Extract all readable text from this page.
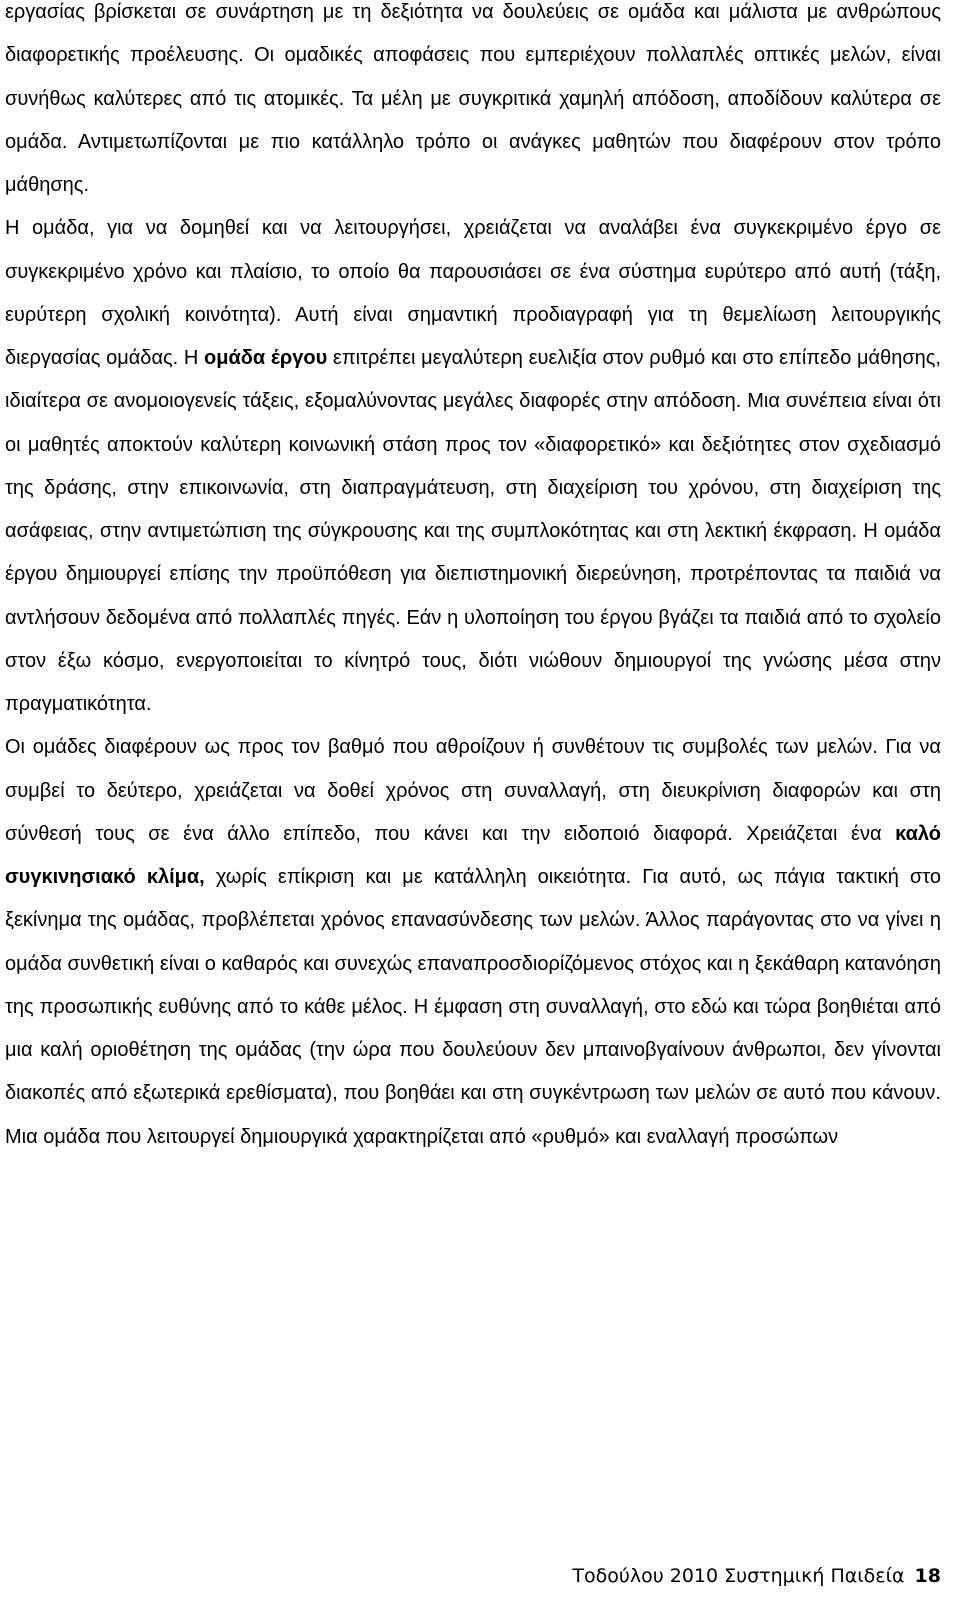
εργασίας βρίσκεται σε συνάρτηση με τη δεξιότητα να δουλεύεις σε ομάδα και μάλιστα με ανθρώπους διαφορετικής προέλευσης. Οι ομαδικές αποφάσεις που εμπεριέχουν πολλαπλές οπτικές μελών, είναι συνήθως καλύτερες από τις ατομικές. Τα μέλη με συγκριτικά χαμηλή απόδοση, αποδίδουν καλύτερα σε ομάδα. Αντιμετωπίζονται με πιο κατάλληλο τρόπο οι ανάγκες μαθητών που διαφέρουν στον τρόπο μάθησης.

Η ομάδα, για να δομηθεί και να λειτουργήσει, χρειάζεται να αναλάβει ένα συγκεκριμένο έργο σε συγκεκριμένο χρόνο και πλαίσιο, το οποίο θα παρουσιάσει σε ένα σύστημα ευρύτερο από αυτή (τάξη, ευρύτερη σχολική κοινότητα). Αυτή είναι σημαντική προδιαγραφή για τη θεμελίωση λειτουργικής διεργασίας ομάδας. Η ομάδα έργου επιτρέπει μεγαλύτερη ευελιξία στον ρυθμό και στο επίπεδο μάθησης, ιδιαίτερα σε ανομοιογενείς τάξεις, εξομαλύνοντας μεγάλες διαφορές στην απόδοση. Μια συνέπεια είναι ότι οι μαθητές αποκτούν καλύτερη κοινωνική στάση προς τον «διαφορετικό» και δεξιότητες στον σχεδιασμό της δράσης, στην επικοινωνία, στη διαπραγμάτευση, στη διαχείριση του χρόνου, στη διαχείριση της ασάφειας, στην αντιμετώπιση της σύγκρουσης και της συμπλοκότητας και στη λεκτική έκφραση. Η ομάδα έργου δημιουργεί επίσης την προϋπόθεση για διεπιστημονική διερεύνηση, προτρέποντας τα παιδιά να αντλήσουν δεδομένα από πολλαπλές πηγές. Εάν η υλοποίηση του έργου βγάζει τα παιδιά από το σχολείο στον έξω κόσμο, ενεργοποιείται το κίνητρό τους, διότι νιώθουν δημιουργοί της γνώσης μέσα στην πραγματικότητα.

Οι ομάδες διαφέρουν ως προς τον βαθμό που αθροίζουν ή συνθέτουν τις συμβολές των μελών. Για να συμβεί το δεύτερο, χρειάζεται να δοθεί χρόνος στη συναλλαγή, στη διευκρίνιση διαφορών και στη σύνθεσή τους σε ένα άλλο επίπεδο, που κάνει και την ειδοποιό διαφορά. Χρειάζεται ένα καλό συγκινησιακό κλίμα, χωρίς επίκριση και με κατάλληλη οικειότητα. Για αυτό, ως πάγια τακτική στο ξεκίνημα της ομάδας, προβλέπεται χρόνος επανασύνδεσης των μελών. Άλλος παράγοντας στο να γίνει η ομάδα συνθετική είναι ο καθαρός και συνεχώς επαναπροσδιορίζόμενος στόχος και η ξεκάθαρη κατανόηση της προσωπικής ευθύνης από το κάθε μέλος. Η έμφαση στη συναλλαγή, στο εδώ και τώρα βοηθιέται από μια καλή οριοθέτηση της ομάδας (την ώρα που δουλεύουν δεν μπαινοβγαίνουν άνθρωποι, δεν γίνονται διακοπές από εξωτερικά ερεθίσματα), που βοηθάει και στη συγκέντρωση των μελών σε αυτό που κάνουν. Μια ομάδα που λειτουργεί δημιουργικά χαρακτηρίζεται από «ρυθμό» και εναλλαγή προσώπων

Τοδούλου 2010 Συστημική Παιδεία 18
